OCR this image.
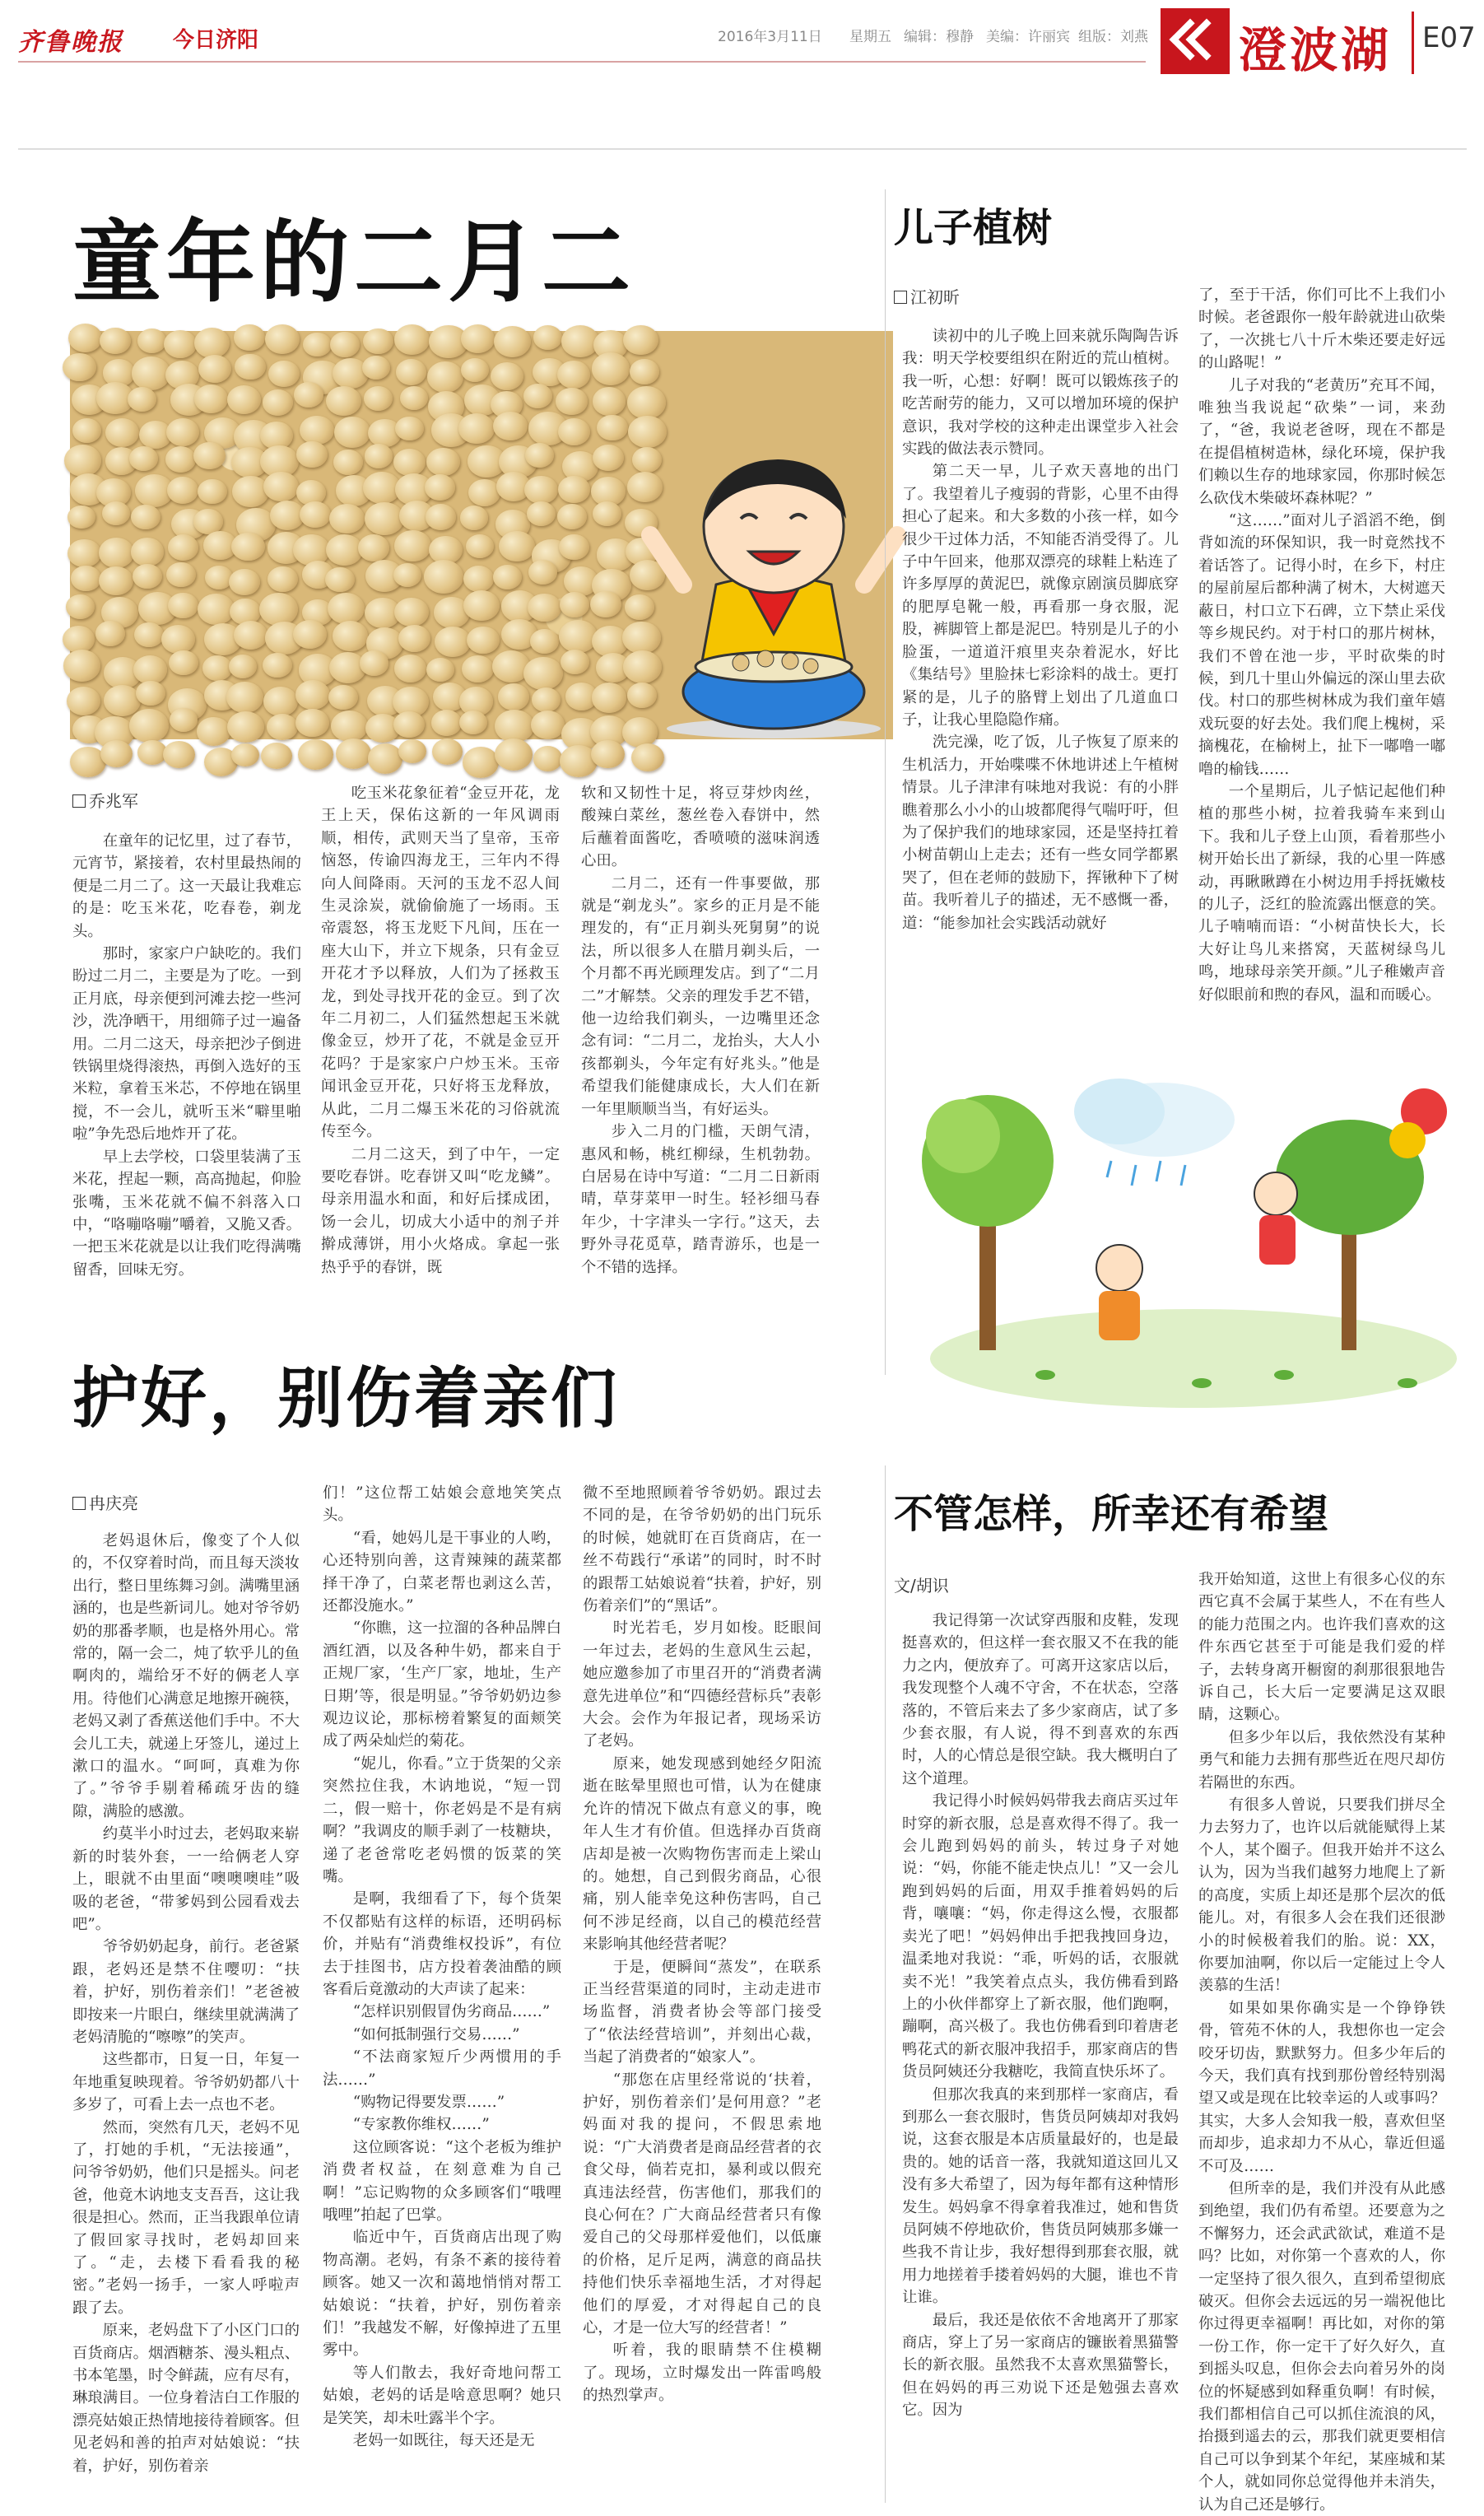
齐鲁晚报 今日济阳	2016年3月11日 星期五 编辑：穆静 美编：许丽宾 组版：刘燕 澄波湖 E07
童年的二月二
乔兆军

在童年的记忆里，过了春节，元宵节，紧接着，农村里最热闹的便是二月二了。这一天最让我难忘的是：吃玉米花，吃春卷，剃龙头。

那时，家家户户缺吃的。我们盼过二月二，主要是为了吃。一到正月底，母亲便到河滩去挖一些河沙，洗净晒干，用细筛子过一遍备用。二月二这天，母亲把沙子倒进铁锅里烧得滚热，再倒入选好的玉米粒，拿着玉米芯，不停地在锅里搅，不一会儿，就听玉米“噼里啪啦”争先恐后地炸开了花。

早上去学校，口袋里装满了玉米花，捏起一颗，高高抛起，仰脸张嘴，玉米花就不偏不斜落入口中，“咯嘣咯嘣”嚼着，又脆又香。一把玉米花就是以让我们吃得满嘴留香，回味无穷。

吃玉米花象征着“金豆开花，龙王上天，保佑这新的一年风调雨顺，相传，武则天当了皇帝，玉帝恼怒，传谕四海龙王，三年内不得向人间降雨。天河的玉龙不忍人间生灵涂炭，就偷偷施了一场雨。玉帝震怒，将玉龙贬下凡间，压在一座大山下，并立下规条，只有金豆开花才予以释放，人们为了拯救玉龙，到处寻找开花的金豆。到了次年二月初二，人们猛然想起玉米就像金豆，炒开了花，不就是金豆开花吗？于是家家户户炒玉米。玉帝闻讯金豆开花，只好将玉龙释放，从此，二月二爆玉米花的习俗就流传至今。

二月二这天，到了中午，一定要吃春饼。吃春饼又叫“吃龙鳞”。母亲用温水和面，和好后揉成团，饧一会儿，切成大小适中的剂子并擀成薄饼，用小火烙成。拿起一张热乎乎的春饼，既

软和又韧性十足，将豆芽炒肉丝，酸辣白菜丝，葱丝卷入春饼中，然后蘸着面酱吃，香喷喷的滋味润透心田。

二月二，还有一件事要做，那就是“剃龙头”。家乡的正月是不能理发的，有“正月剃头死舅舅”的说法，所以很多人在腊月剃头后，一个月都不再光顾理发店。到了“二月二”才解禁。父亲的理发手艺不错，他一边给我们剃头，一边嘴里还念念有词：“二月二，龙抬头，大人小孩都剃头，今年定有好兆头。”他是希望我们能健康成长，大人们在新一年里顺顺当当，有好运头。

步入二月的门槛，天朗气清，惠风和畅，桃红柳绿，生机勃勃。白居易在诗中写道：“二月二日新雨晴，草芽菜甲一时生。轻衫细马春年少，十字津头一字行。”这天，去野外寻花觅草，踏青游乐，也是一个不错的选择。

儿子植树
江初昕

读初中的儿子晚上回来就乐陶陶告诉我：明天学校要组织在附近的荒山植树。我一听，心想：好啊！既可以锻炼孩子的吃苦耐劳的能力，又可以增加环境的保护意识，我对学校的这种走出课堂步入社会实践的做法表示赞同。

第二天一早，儿子欢天喜地的出门了。我望着儿子瘦弱的背影，心里不由得担心了起来。和大多数的小孩一样，如今很少干过体力活，不知能否消受得了。儿子中午回来，他那双漂亮的球鞋上粘连了许多厚厚的黄泥巴，就像京剧演员脚底穿的肥厚皂靴一般，再看那一身衣服，泥股，裤脚管上都是泥巴。特别是儿子的小脸蛋，一道道汗痕里夹杂着泥水，好比《集结号》里脸抹七彩涂料的战士。更打紧的是，儿子的胳臂上划出了几道血口子，让我心里隐隐作痛。

洗完澡，吃了饭，儿子恢复了原来的生机活力，开始喋喋不休地讲述上午植树情景。儿子津津有味地对我说：有的小胖瞧着那么小小的山坡都爬得气喘吁吁，但为了保护我们的地球家园，还是坚持扛着小树苗朝山上走去；还有一些女同学都累哭了，但在老师的鼓励下，挥锹种下了树苗。我听着儿子的描述，无不感慨一番，道：“能参加社会实践活动就好

了，至于干活，你们可比不上我们小时候。老爸跟你一般年龄就进山砍柴了，一次挑七八十斤木柴还要走好远的山路呢！”

儿子对我的“老黄历”充耳不闻，唯独当我说起“砍柴”一词，来劲了，“爸，我说老爸呀，现在不都是在提倡植树造林，绿化环境，保护我们赖以生存的地球家园，你那时候怎么砍伐木柴破坏森林呢？”

“这……”面对儿子滔滔不绝，倒背如流的环保知识，我一时竟然找不着话答了。记得小时，在乡下，村庄的屋前屋后都种满了树木，大树遮天蔽日，村口立下石碑，立下禁止采伐等乡规民约。对于村口的那片树林，我们不曾在池一步，平时砍柴的时候，到几十里山外偏远的深山里去砍伐。村口的那些树林成为我们童年嬉戏玩耍的好去处。我们爬上槐树，采摘槐花，在榆树上，扯下一嘟噜一嘟噜的榆钱……

一个星期后，儿子惦记起他们种植的那些小树，拉着我骑车来到山下。我和儿子登上山顶，看着那些小树开始长出了新绿，我的心里一阵感动，再瞅瞅蹲在小树边用手捋抚嫩枝的儿子，泛红的脸流露出惬意的笑。儿子喃喃而语：“小树苗快长大，长大好让鸟儿来搭窝，天蓝树绿鸟儿鸣，地球母亲笑开颜。”儿子稚嫩声音好似眼前和煦的春风，温和而暖心。

护好，别伤着亲们
冉庆亮

老妈退休后，像变了个人似的，不仅穿着时尚，而且每天淡妆出行，整日里练舞习剑。满嘴里涵涵的，也是些新词儿。她对爷爷奶奶的那番孝顺，也是格外用心。常常的，隔一会二，炖了软乎儿的鱼啊肉的，端给牙不好的俩老人享用。待他们心满意足地擦开碗筷，老妈又剥了香蕉送他们手中。不大会儿工夫，就递上牙签儿，递过上漱口的温水。“呵呵，真难为你了。”爷爷手剔着稀疏牙齿的缝隙，满脸的感激。

约莫半小时过去，老妈取来崭新的时装外套，一一给俩老人穿上，眼就不由里面“噢噢噢哇”吸吸的老爸，“带爹妈到公园看戏去吧”。

爷爷奶奶起身，前行。老爸紧跟，老妈还是禁不住嘤叨：“扶着，护好，别伤着亲们！”老爸被即按来一片眼白，继续里就满满了老妈清脆的“嚓嚓”的笑声。

这些都市，日复一日，年复一年地重复映现着。爷爷奶奶都八十多岁了，可看上去一点也不老。

然而，突然有几天，老妈不见了，打她的手机，“无法接通”，问爷爷奶奶，他们只是摇头。问老爸，他竟木讷地支支吾吾，这让我很是担心。然而，正当我跟单位请了假回家寻找时，老妈却回来了。“走，去楼下看看我的秘密。”老妈一扬手，一家人呼啦声跟了去。

原来，老妈盘下了小区门口的百货商店。烟酒糖茶、漫头粗点、书本笔墨，时令鲜蔬，应有尽有，琳琅满目。一位身着洁白工作服的漂亮姑娘正热情地接待着顾客。但见老妈和善的拍声对姑娘说：“扶着，护好，别伤着亲

们！”这位帮工姑娘会意地笑笑点头。

“看，她妈儿是干事业的人哟，心还特别向善，这青辣辣的蔬菜都择干净了，白菜老帮也剥这么苦，还都没施水。”

“你瞧，这一拉溜的各种品牌白酒红酒，以及各种牛奶，都来自于正规厂家，‘生产厂家，地址，生产日期’等，很是明显。”爷爷奶奶边参观边议论，那标榜着繁复的面颊笑成了两朵灿烂的菊花。

“妮儿，你看。”立于货架的父亲突然拉住我，木讷地说，“短一罚二，假一赔十，你老妈是不是有病啊？”我调皮的顺手剥了一枝糖块，递了老爸常吃老妈惯的饭菜的笑嘴。

是啊，我细看了下，每个货架不仅都贴有这样的标语，还明码标价，并贴有“消费维权投诉”，有位去于挂图书，店方投着袭油酷的顾客看后竟激动的大声读了起来：

“怎样识别假冒伪劣商品……”

“如何抵制强行交易……”

“不法商家短斤少两惯用的手法……”

“购物记得要发票……”

“专家教你维权……”

这位顾客说：“这个老板为维护消费者权益，在刻意难为自己啊！”忘记购物的众多顾客们“哦哩哦哩”拍起了巴掌。

临近中午，百货商店出现了购物高潮。老妈，有条不紊的接待着顾客。她又一次和蔼地悄悄对帮工姑娘说：“扶着，护好，别伤着亲们！”我越发不解，好像掉进了五里雾中。

等人们散去，我好奇地问帮工姑娘，老妈的话是啥意思啊？她只是笑笑，却未吐露半个字。

老妈一如既往，每天还是无

微不至地照顾着爷爷奶奶。跟过去不同的是，在爷爷奶奶的出门玩乐的时候，她就盯在百货商店，在一丝不苟践行“承诺”的同时，时不时的跟帮工姑娘说着“扶着，护好，别伤着亲们”的“黑话”。

时光若毛，岁月如梭。眨眼间一年过去，老妈的生意风生云起，她应邀参加了市里召开的“消费者满意先进单位”和“四德经营标兵”表彰大会。会作为年报记者，现场采访了老妈。

原来，她发现感到她经夕阳流逝在眩晕里照也可惜，认为在健康允许的情况下做点有意义的事，晚年人生才有价值。但选择办百货商店却是被一次购物伤害而走上梁山的。她想，自己到假劣商品，心很痛，别人能幸免这种伤害吗，自己何不涉足经商，以自己的模范经营来影响其他经营者呢？

于是，便瞬间“蒸发”，在联系正当经营渠道的同时，主动走进市场监督，消费者协会等部门接受了“依法经营培训”，并刻出心裁，当起了消费者的“娘家人”。

“那您在店里经常说的‘扶着，护好，别伤着亲们’是何用意？”老妈面对我的提问，不假思索地说：“广大消费者是商品经营者的衣食父母，倘若克扣，暴利或以假充真违法经营，伤害他们，那我们的良心何在？广大商品经营者只有像爱自己的父母那样爱他们，以低廉的价格，足斤足两，满意的商品扶持他们快乐幸福地生活，才对得起他们的厚爱，才对得起自己的良心，才是一位大写的经营者！”

听着，我的眼睛禁不住模糊了。现场，立时爆发出一阵雷鸣般的热烈掌声。

不管怎样，所幸还有希望
文/胡识

我记得第一次试穿西服和皮鞋，发现挺喜欢的，但这样一套衣服又不在我的能力之内，便放弃了。可离开这家店以后，我发现整个人魂不守舍，不在状态，空落落的，不管后来去了多少家商店，试了多少套衣服，有人说，得不到喜欢的东西时，人的心情总是很空缺。我大概明白了这个道理。

我记得小时候妈妈带我去商店买过年时穿的新衣服，总是喜欢得不得了。我一会儿跑到妈妈的前头，转过身子对她说：“妈，你能不能走快点儿！”又一会儿跑到妈妈的后面，用双手推着妈妈的后背，嚷嚷：“妈，你走得这么慢，衣服都卖光了吧！”妈妈伸出手把我拽回身边，温柔地对我说：“乖，听妈的话，衣服就卖不光！”我笑着点点头，我仿佛看到路上的小伙伴都穿上了新衣服，他们跑啊，蹦啊，高兴极了。我也仿佛看到印着唐老鸭花式的新衣服冲我招手，那家商店的售货员阿姨还分我糖吃，我简直快乐坏了。

但那次我真的来到那样一家商店，看到那么一套衣服时，售货员阿姨却对我妈说，这套衣服是本店质量最好的，也是最贵的。她的话音一落，我就知道这回儿又没有多大希望了，因为每年都有这种情形发生。妈妈拿不得拿着我准过，她和售货员阿姨不停地砍价，售货员阿姨那多嫌一些我不肯让步，我好想得到那套衣服，就用力地搓着手搂着妈妈的大腿，谁也不肯让谁。

最后，我还是依依不舍地离开了那家商店，穿上了另一家商店的镰嵌着黑猫警长的新衣服。虽然我不太喜欢黑猫警长，但在妈妈的再三劝说下还是勉强去喜欢它。因为

我开始知道，这世上有很多心仪的东西它真不会属于某些人，不在有些人的能力范围之内。也许我们喜欢的这件东西它甚至于可能是我们爱的样子，去转身离开橱窗的刹那很狠地告诉自己，长大后一定要满足这双眼睛，这颗心。

但多少年以后，我依然没有某种勇气和能力去拥有那些近在咫尺却仿若隔世的东西。

有很多人曾说，只要我们拼尽全力去努力了，也许以后就能赋得上某个人，某个圈子。但我开始并不这么认为，因为当我们越努力地爬上了新的高度，实质上却还是那个层次的低能儿。对，有很多人会在我们还很渺小的时候极着我们的胎。说：XX，你要加油啊，你以后一定能过上令人羡慕的生活！

如果如果你确实是一个铮铮铁骨，管苑不休的人，我想你也一定会咬牙切齿，默默努力。但多少年后的今天，我们真有找到那份曾经特别渴望又或是现在比较幸运的人或事吗？其实，大多人会知我一般，喜欢但坚而却步，追求却力不从心，靠近但遥不可及……

但所幸的是，我们并没有从此感到绝望，我们仍有希望。还要意为之不懈努力，还会武武欲试，难道不是吗？比如，对你第一个喜欢的人，你一定坚持了很久很久，直到希望彻底破灭。但你会去远远的另一端祝他比你过得更幸福啊！再比如，对你的第一份工作，你一定干了好久好久，直到摇头叹息，但你会去向着另外的岗位的怀疑感到如释重负啊！有时候，我们都相信自己可以抓住流浪的风，抬摄到遥去的云，那我们就更要相信自己可以争到某个年纪，某座城和某个人，就如同你总觉得他并未消失，认为自己还是够行。
